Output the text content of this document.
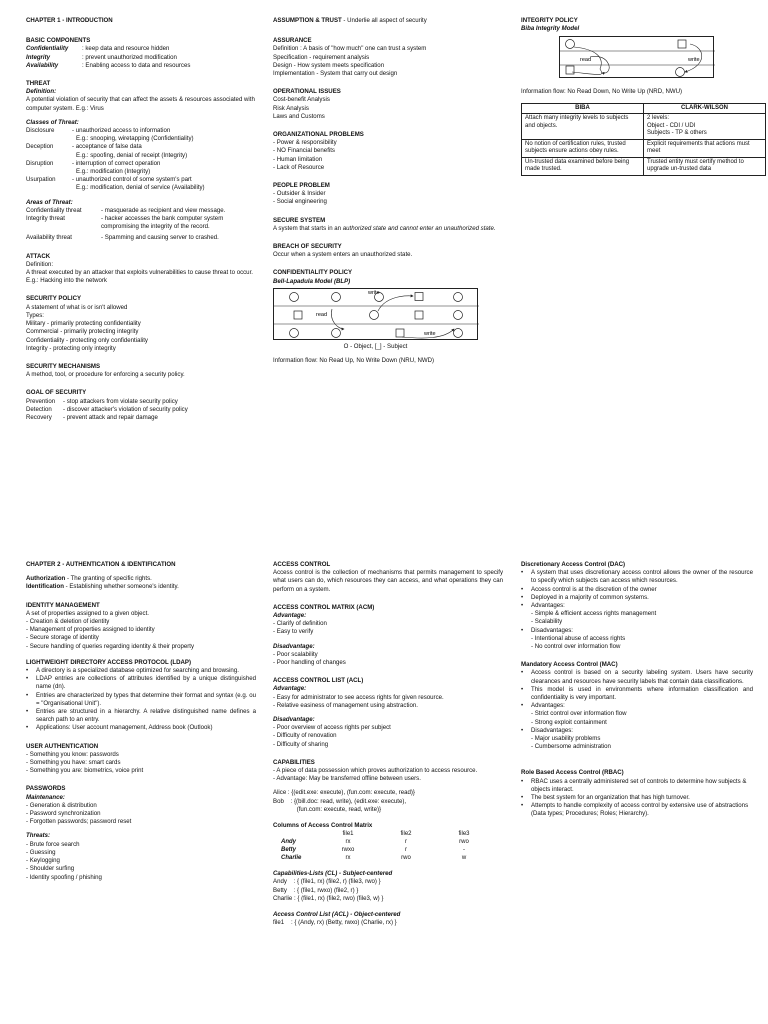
CHAPTER 1 - INTRODUCTION
BASIC COMPONENTS
Confidentiality	: keep data and resource hidden
Integrity	: prevent unauthorized modification
Availability	: Enabling access to data and resources
THREAT
Definition:
A potential violation of security that can affect the assets & resources associated with computer system. E.g.: Virus
Classes of Threat:
Disclosure	- unauthorized access to information
E.g.: snooping, wiretapping (Confidentiality)
Deception	- acceptance of false data
E.g.: spoofing, denial of receipt (Integrity)
Disruption	- interruption of correct operation
E.g.: modification (Integrity)
Usurpation	- unauthorized control of some system's part
E.g.: modification, denial of service (Availability)
Areas of Threat:
Confidentiality threat	- masquerade as recipient and view message.
Integrity threat	- hacker accesses the bank computer system compromising the integrity of the record.
Availability threat	- Spamming and causing server to crashed.
ATTACK
Definition:
A threat executed by an attacker that exploits vulnerabilities to cause threat to occur. E.g.: Hacking into the network
SECURITY POLICY
A statement of what is or isn't allowed
Types:
Military - primarily protecting confidentiality
Commercial - primarily protecting integrity
Confidentiality - protecting only confidentiality
Integrity - protecting only integrity
SECURITY MECHANISMS
A method, tool, or procedure for enforcing a security policy.
GOAL OF SECURITY
Prevention	- stop attackers from violate security policy
Detection	- discover attacker's violation of security policy
Recovery	- prevent attack and repair damage
ASSUMPTION & TRUST - Underlie all aspect of security
ASSURANCE
Definition : A basis of "how much" one can trust a system
Specification - requirement analysis
Design - How system meets specification
Implementation - System that carry out design
OPERATIONAL ISSUES
Cost-benefit Analysis
Risk Analysis
Laws and Customs
ORGANIZATIONAL PROBLEMS
- Power & responsibility
- NO Financial benefits
- Human limitation
- Lack of Resource
PEOPLE PROBLEM
- Outsider & Insider
- Social engineering
SECURE SYSTEM
A system that starts in an authorized state and cannot enter an unauthorized state.
BREACH OF SECURITY
Occur when a system enters an unauthorized state.
CONFIDENTIALITY POLICY
Bell-Lapadula Model (BLP)
write
read
write
O - Object, [_] - Subject
Information flow: No Read Up, No Write Down (NRU, NWD)
INTEGRITY POLICY
Biba Integrity Model
read	write
Information flow: No Read Down, No Write Up (NRD, NWU)
BIBA	CLARK-WILSON
Attach many integrity levels to subjects and objects.	2 levels:
Object - CDI / UDI
Subjects - TP & others
No notion of certification rules, trusted subjects ensure actions obey rules.	Explicit requirements that actions must meet
Un-trusted data examined before being made trusted.	Trusted entity must certify method to upgrade un-trusted data
CHAPTER 2 - AUTHENTICATION & IDENTIFICATION
Authorization - The granting of specific rights.
Identification - Establishing whether someone's identity.
IDENTITY MANAGEMENT
A set of properties assigned to a given object.
- Creation & deletion of identity
- Management of properties assigned to identity
- Secure storage of identity
- Secure handling of queries regarding identity & their property
LIGHTWEIGHT DIRECTORY ACCESS PROTOCOL (LDAP)
•	A directory is a specialized database optimized for searching and browsing.
•	LDAP entries are collections of attributes identified by a unique distinguished name (dn).
•	Entries are characterized by types that determine their format and syntax (e.g. ou = "Organisational Unit").
•	Entries are structured in a hierarchy. A relative distinguished name defines a search path to an entry.
•	Applications: User account management, Address book (Outlook)
USER AUTHENTICATION
- Something you know: passwords
- Something you have: smart cards
- Something you are: biometrics, voice print
PASSWORDS
Maintenance:
- Generation & distribution
- Password synchronization
- Forgotten passwords; password reset
Threats:
- Brute force search
- Guessing
- Keylogging
- Shoulder surfing
- Identity spoofing / phishing
ACCESS CONTROL
Access control is the collection of mechanisms that permits management to specify what users can do, which resources they can access, and what operations they can perform on a system.
ACCESS CONTROL MATRIX (ACM)
Advantage:
- Clarify of definition
- Easy to verify
Disadvantage:
- Poor scalability
- Poor handling of changes
ACCESS CONTROL LIST (ACL)
Advantage:
- Easy for administrator to see access rights for given resource.
- Relative easiness of management using abstraction.
Disadvantage:
- Poor overview of access rights per subject
- Difficulty of renovation
- Difficulty of sharing
CAPABILITIES
- A piece of data possession which proves authorization to access resource.
- Advantage: May be transferred offline between users.
Alice : {(edit.exe: execute), (fun.com: execute, read)}
Bob    : {(bill.doc: read, write), (edit.exe: execute),
(fun.com: execute, read, write)}
Columns of Access Control Matrix
	file1	file2	file3
Andy	rx	r	rwo
Betty	rwxo	r	-
Charlie	rx	rwo	w
Capabilities-Lists (CL) - Subject-centered
Andy    : { (file1, rx) (file2, r) (file3, rwo) }
Betty    : { (file1, rwxo) (file2, r) }
Charlie : { (file1, rx) (file2, rwo) (file3, w) }
Access Control List (ACL) - Object-centered
file1    : { (Andy, rx) (Betty, rwxo) (Charlie, rx) }
Discretionary Access Control (DAC)
•	A system that uses discretionary access control allows the owner of the resource to specify which subjects can access which resources.
•	Access control is at the discretion of the owner
•	Deployed in a majority of common systems.
•	Advantages:
- Simple & efficient access rights management
- Scalability
•	Disadvantages:
- Intentional abuse of access rights
- No control over information flow
Mandatory Access Control (MAC)
•	Access control is based on a security labeling system. Users have security clearances and resources have security labels that contain data classifications.
•	This model is used in environments where information classification and confidentiality is very important.
•	Advantages:
- Strict control over information flow
- Strong exploit containment
•	Disadvantages:
- Major usability problems
- Cumbersome administration
Role Based Access Control (RBAC)
•	RBAC uses a centrally administered set of controls to determine how subjects & objects interact.
•	The best system for an organization that has high turnover.
•	Attempts to handle complexity of access control by extensive use of abstractions (Data types; Procedures; Roles; Hierarchy).
